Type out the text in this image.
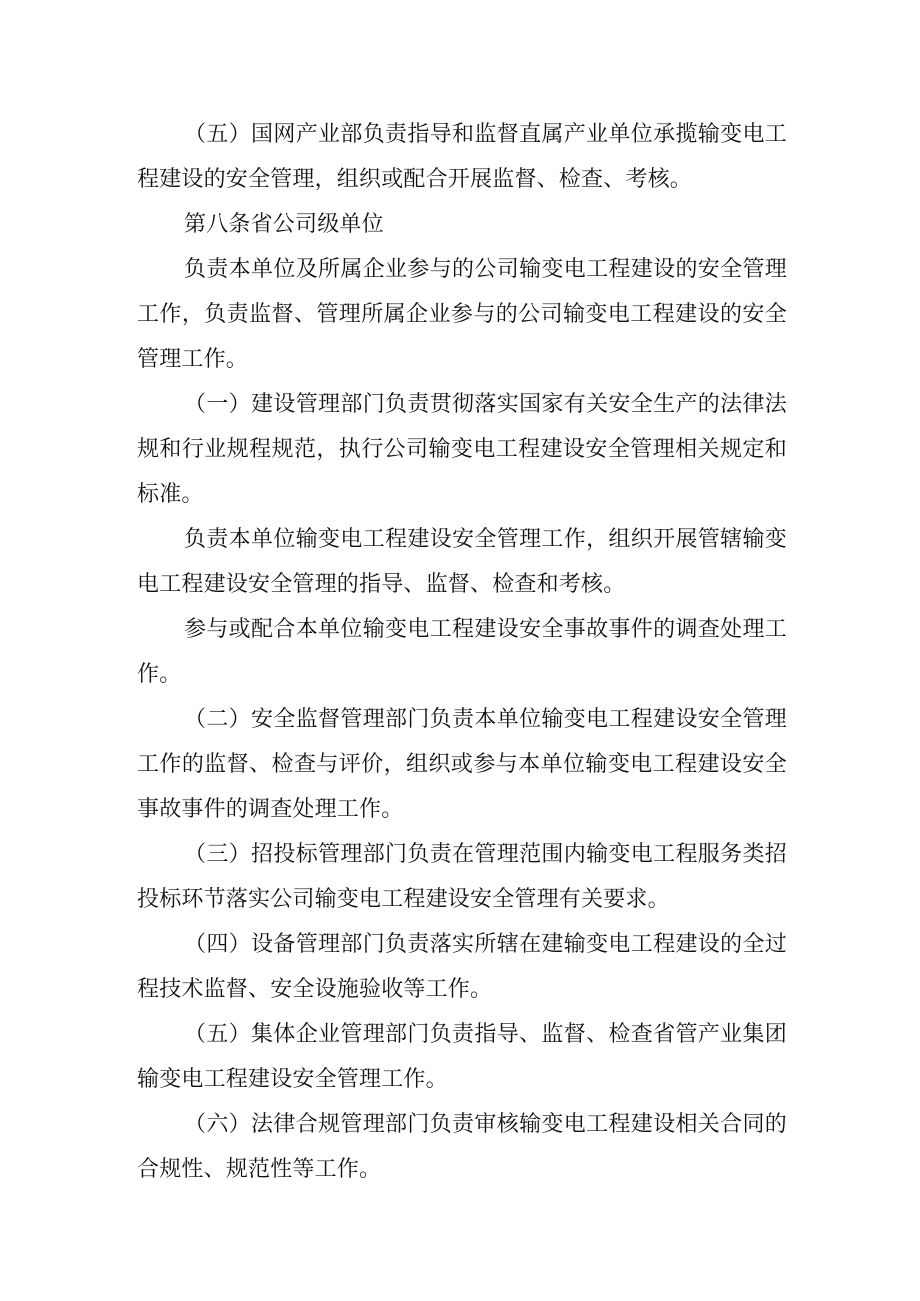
（五）国网产业部负责指导和监督直属产业单位承揽输变电工程建设的安全管理，组织或配合开展监督、检查、考核。

第八条省公司级单位

负责本单位及所属企业参与的公司输变电工程建设的安全管理工作，负责监督、管理所属企业参与的公司输变电工程建设的安全管理工作。

（一）建设管理部门负责贯彻落实国家有关安全生产的法律法规和行业规程规范，执行公司输变电工程建设安全管理相关规定和标准。

负责本单位输变电工程建设安全管理工作，组织开展管辖输变电工程建设安全管理的指导、监督、检查和考核。

参与或配合本单位输变电工程建设安全事故事件的调查处理工作。

（二）安全监督管理部门负责本单位输变电工程建设安全管理工作的监督、检查与评价，组织或参与本单位输变电工程建设安全事故事件的调查处理工作。

（三）招投标管理部门负责在管理范围内输变电工程服务类招投标环节落实公司输变电工程建设安全管理有关要求。

（四）设备管理部门负责落实所辖在建输变电工程建设的全过程技术监督、安全设施验收等工作。

（五）集体企业管理部门负责指导、监督、检查省管产业集团输变电工程建设安全管理工作。

（六）法律合规管理部门负责审核输变电工程建设相关合同的合规性、规范性等工作。
